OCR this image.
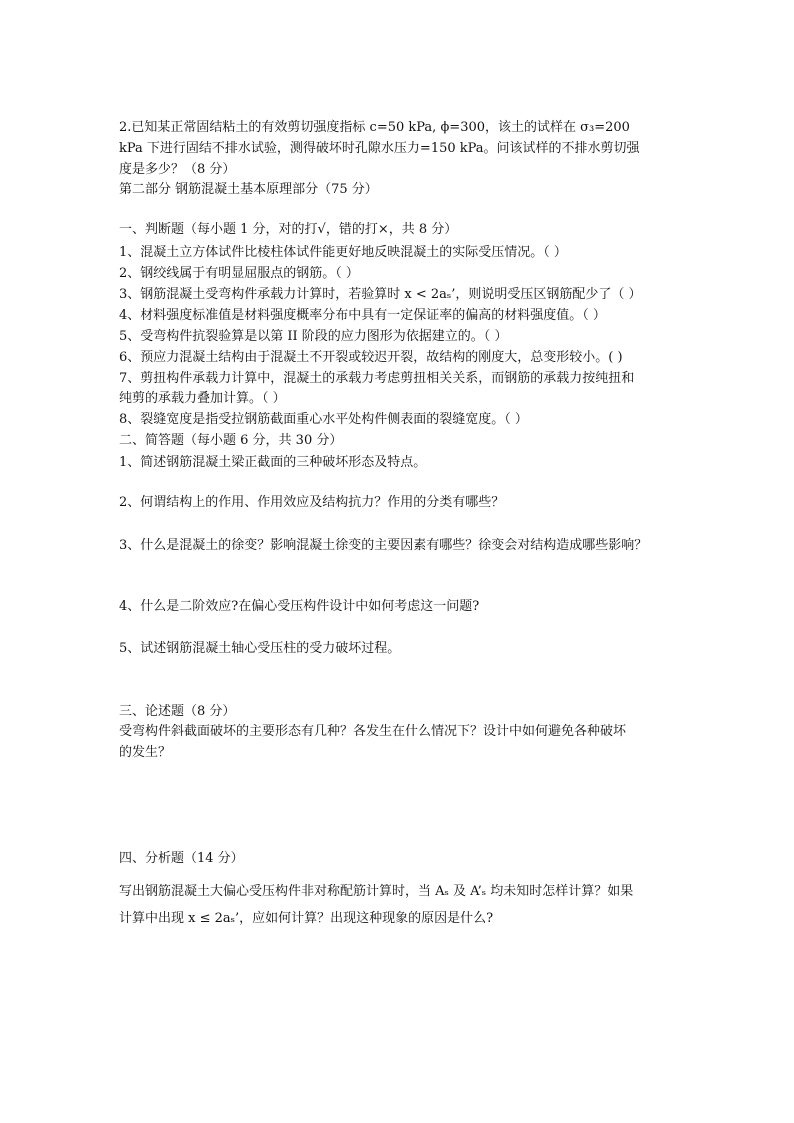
2.已知某正常固结粘土的有效剪切强度指标 c=50 kPa, ϕ=300，该土的试样在 σ₃=200
kPa 下进行固结不排水试验，测得破坏时孔隙水压力=150 kPa。问该试样的不排水剪切强
度是多少？（8 分）
第二部分 钢筋混凝土基本原理部分（75 分）
一、判断题（每小题 1 分，对的打√，错的打×，共 8 分）
1、混凝土立方体试件比棱柱体试件能更好地反映混凝土的实际受压情况。（ ）
2、钢绞线属于有明显屈服点的钢筋。（ ）
3、钢筋混凝土受弯构件承载力计算时，若验算时 x < 2aₛ’，则说明受压区钢筋配少了（ ）
4、材料强度标准值是材料强度概率分布中具有一定保证率的偏高的材料强度值。（ ）
5、受弯构件抗裂验算是以第 II 阶段的应力图形为依据建立的。（ ）
6、预应力混凝土结构由于混凝土不开裂或较迟开裂，故结构的刚度大，总变形较小。( )
7、剪扭构件承载力计算中，混凝土的承载力考虑剪扭相关关系，而钢筋的承载力按纯扭和
纯剪的承载力叠加计算。（ ）
8、裂缝宽度是指受拉钢筋截面重心水平处构件侧表面的裂缝宽度。（ ）
二、简答题（每小题 6 分，共 30 分）
1、简述钢筋混凝土梁正截面的三种破坏形态及特点。
2、何谓结构上的作用、作用效应及结构抗力？作用的分类有哪些？
3、什么是混凝土的徐变？影响混凝土徐变的主要因素有哪些？徐变会对结构造成哪些影响？
4、什么是二阶效应?在偏心受压构件设计中如何考虑这一问题?
5、试述钢筋混凝土轴心受压柱的受力破坏过程。
三、论述题（8 分）
受弯构件斜截面破坏的主要形态有几种？各发生在什么情况下？设计中如何避免各种破坏
的发生？
四、分析题（14 分）
写出钢筋混凝土大偏心受压构件非对称配筋计算时，当 Aₛ 及 A’ₛ 均未知时怎样计算？如果
计算中出现 x ≤ 2aₛ’，应如何计算？出现这种现象的原因是什么?
